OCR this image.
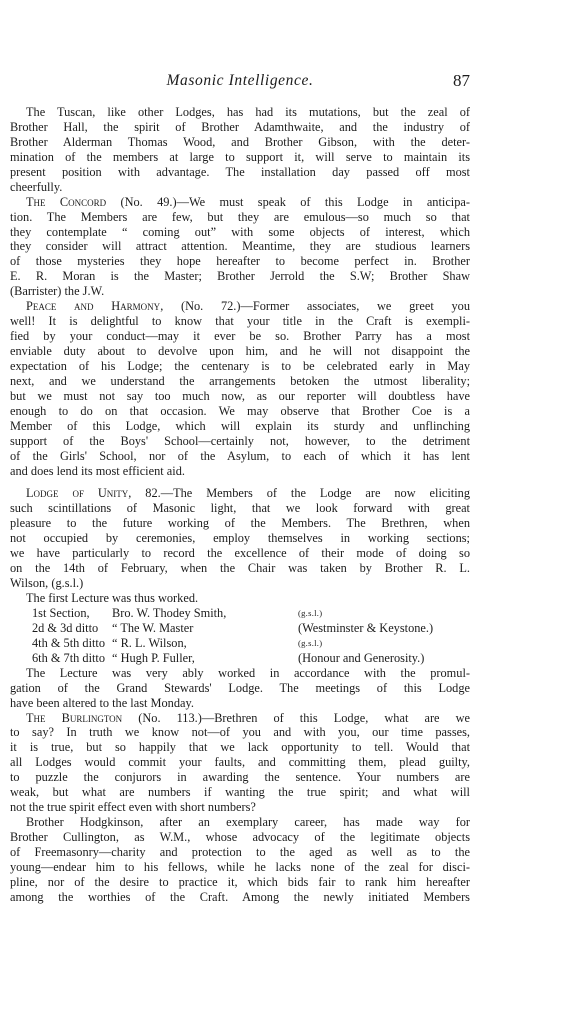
Masonic Intelligence.	87
The Tuscan, like other Lodges, has had its mutations, but the zeal of
Brother Hall, the spirit of Brother Adamthwaite, and the industry of
Brother Alderman Thomas Wood, and Brother Gibson, with the deter-
mination of the members at large to support it, will serve to maintain its
present position with advantage. The installation day passed off most
cheerfully.
The Concord (No. 49.)—We must speak of this Lodge in anticipa-
tion. The Members are few, but they are emulous—so much so that
they contemplate “ coming out” with some objects of interest, which
they consider will attract attention. Meantime, they are studious learners
of those mysteries they hope hereafter to become perfect in. Brother
E. R. Moran is the Master; Brother Jerrold the S.W; Brother Shaw
(Barrister) the J.W.
Peace and Harmony, (No. 72.)—Former associates, we greet you
well! It is delightful to know that your title in the Craft is exempli-
fied by your conduct—may it ever be so. Brother Parry has a most
enviable duty about to devolve upon him, and he will not disappoint the
expectation of his Lodge; the centenary is to be celebrated early in May
next, and we understand the arrangements betoken the utmost liberality;
but we must not say too much now, as our reporter will doubtless have
enough to do on that occasion. We may observe that Brother Coe is a
Member of this Lodge, which will explain its sturdy and unflinching
support of the Boys' School—certainly not, however, to the detriment
of the Girls' School, nor of the Asylum, to each of which it has lent
and does lend its most efficient aid.
Lodge of Unity, 82.—The Members of the Lodge are now eliciting
such scintillations of Masonic light, that we look forward with great
pleasure to the future working of the Members. The Brethren, when
not occupied by ceremonies, employ themselves in working sections;
we have particularly to record the excellence of their mode of doing so
on the 14th of February, when the Chair was taken by Brother R. L.
Wilson, (g.s.l.)
The first Lecture was thus worked.
1st Section, Bro. W. Thodey Smith,	(g.s.l.)
2d & 3d ditto “ The W. Master	(Westminster & Keystone.)
4th & 5th ditto “ R. L. Wilson,	(g.s.l.)
6th & 7th ditto “ Hugh P. Fuller,	(Honour and Generosity.)
The Lecture was very ably worked in accordance with the promul-
gation of the Grand Stewards' Lodge. The meetings of this Lodge
have been altered to the last Monday.
The Burlington (No. 113.)—Brethren of this Lodge, what are we
to say? In truth we know not—of you and with you, our time passes,
it is true, but so happily that we lack opportunity to tell. Would that
all Lodges would commit your faults, and committing them, plead guilty,
to puzzle the conjurors in awarding the sentence. Your numbers are
weak, but what are numbers if wanting the true spirit; and what will
not the true spirit effect even with short numbers?
Brother Hodgkinson, after an exemplary career, has made way for
Brother Cullington, as W.M., whose advocacy of the legitimate objects
of Freemasonry—charity and protection to the aged as well as to the
young—endear him to his fellows, while he lacks none of the zeal for disci-
pline, nor of the desire to practice it, which bids fair to rank him hereafter
among the worthies of the Craft. Among the newly initiated Members
